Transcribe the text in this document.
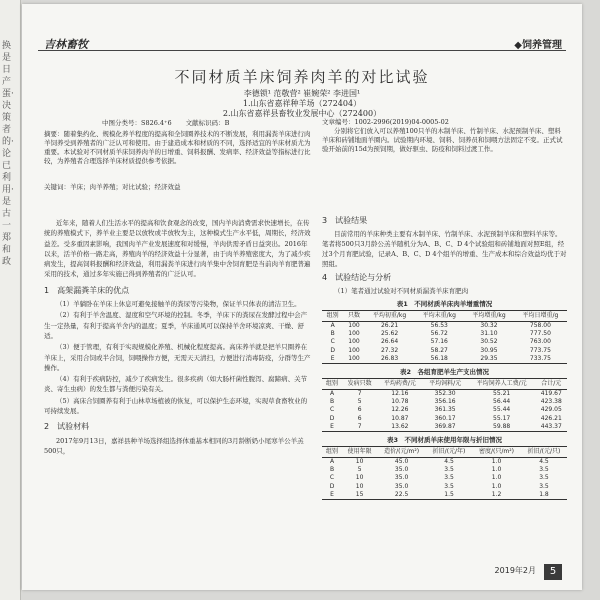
换是日产蛋·决策者的·论已利用·是古一郑和政
吉林畜牧	◆饲养管理
不同材质羊床饲养肉羊的对比试验
李德锁¹ 范敬营² 崔婉荣² 李进国¹
1.山东省嘉祥种羊场（272404）
2.山东省嘉祥县畜牧业发展中心（272400）
中图分类号：S826.4⁺6 文献标识码：B
摘要：随着集约化、规模化养羊程度的提高和全饲圈养技术的不断发展，利用漏粪羊床进行肉羊饲养受到养殖者的广泛认可和使用。由于建造成本和材质的不同，选择适宜的羊床材质尤为重要。本试验对不同材质羊床饲养肉羊的日增重、饲料报酬、发病率、经济效益等指标进行比较，为养殖者合理选择羊床材质提供参考依据。
关键词：羊床；肉羊养殖；对比试验；经济效益
文章编号：1002-2996(2019)04-0005-02

分别将它们放入可以养殖100只羊的木制羊床、竹制羊床、水泥预制羊床、塑料羊床和砖铺地面羊圈内。试验期内环境、饲料、饲养员和饲喂方法固定不变。正式试验开始前的15d为预饲期，做好驱虫、防疫和饲料过渡工作。

近年来，随着人们生活水平的提高和饮食观念的改变，国内羊肉消费需求快速增长，在传统的养殖模式下，养羊业主要是以放牧或半放牧为主，这种模式生产水平低，周期长，经济效益差。受多重因素影响，我国肉羊产业发展速度和对缓慢，羊肉供需矛盾日益突出。2016年以来，活羊价格一路走高，养殖肉羊的经济效益十分显著，由于肉羊养殖密度大，为了减少疾病发生，提高饲料报酬和经济效益，利用漏粪羊床进行肉羊集中舍饲育肥是当前肉羊育肥普遍采用的技术，通过多年实施已得到养殖者的广泛认可。

1　高架漏粪羊床的优点

（1）羊躺卧在羊床上休息可避免接触羊的粪尿等污染物，保证羊只体表的清洁卫生。

（2）有利于羊舍温度、湿度和空气环境的控制。冬季，羊床下的粪尿在发酵过程中会产生一定热量，有利于提高羊舍内的温度；夏季，羊床通风可以保持羊舍环境凉爽、干燥、舒适。

（3）便于管理，有利于实现规模化养殖、机械化程度提高。高床养羊就是把羊只圈养在羊床上，采用合饲或半合饲，饲喂操作方便，无需天天清扫，方便进行消毒防疫，分群等生产操作。

（4）有利于疾病防控，减少了疾病发生。很多疾病（如大肠杆菌性腹泻、腐蹄病、关节炎、寄生虫病）的发生都与粪便污染有关。

（5）高床合饲圈养有利于山林草场植被的恢复，可以保护生态环境，实现草食畜牧业的可持续发展。

2　试验材料

2017年9月13日，嘉祥县种羊场选择组选择体重基本相同的3月龄断奶小尾寒羊公羊羔500只，

3　试验结果

目前常用的羊床种类主要有木制羊床、竹制羊床、水泥预制羊床和塑料羊床等。笔者将500只3月龄公羔羊随机分为A、B、C、D 4个试验组和砖铺地面对照E组，经过3个月育肥试验，记录A、B、C、D 4个组羊的增重、生产成本和综合效益均优于对照组。

4　试验结论与分析

（1）笔者通过试验对不同材质漏粪羊床育肥肉

表1　不同材质羊床肉羊增重情况
组别	只数	平均初重/kg	平均末重/kg	平均增重/kg	平均日增重/g
A	100	26.21	56.53	30.32	758.00
B	100	25.62	56.72	31.10	777.50
C	100	26.64	57.16	30.52	763.00
D	100	27.32	58.27	30.95	773.75
E	100	26.83	56.18	29.35	733.75
表2　各组育肥羊生产支出情况
组别	发病只数	平均药费/元	平均饲料/元	平均饲养人工费/元	合计/元
A	7	12.16	352.30	55.21	419.67
B	5	10.78	356.16	56.44	423.38
C	6	12.26	361.35	55.44	429.05
D	6	10.87	360.17	55.17	426.21
E	7	13.62	369.87	59.88	443.37
表3　不同材质羊床使用年限与折旧情况
组别	使用年限	造价/(元/m²)	折旧/(元/年)	密度/(只/m²)	折旧/(元/只)
A	10	45.0	4.5	1.0	4.5
B	5	35.0	3.5	1.0	3.5
C	10	35.0	3.5	1.0	3.5
D	10	35.0	3.5	1.0	3.5
E	15	22.5	1.5	1.2	1.8
2019年2月	5
